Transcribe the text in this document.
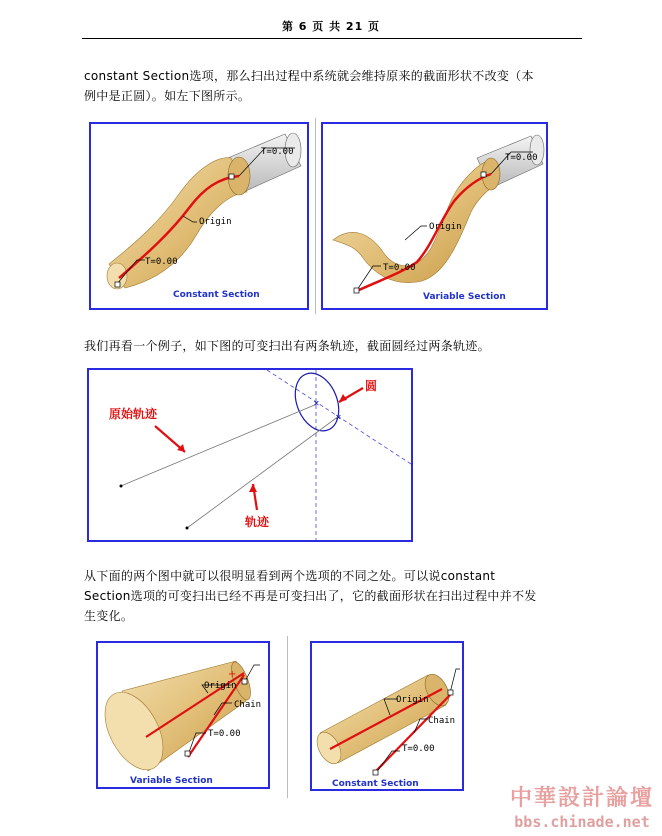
第 6 页 共 21 页
constant Section选项，那么扫出过程中系统就会维持原来的截面形状不改变（本
例中是正圆）。如左下图所示。
T=0.00
Origin
T=0.00
Constant Section
T=0.00
Origin
T=0.00
Variable Section
我们再看一个例子，如下图的可变扫出有两条轨迹，截面圆经过两条轨迹。
✕
✕
原始轨迹
圆
轨迹
从下面的两个图中就可以很明显看到两个选项的不同之处。可以说constant
Section选项的可变扫出已经不再是可变扫出了，它的截面形状在扫出过程中并不发
生变化。
+
Origin
Chain
T=0.00
Variable Section
Origin
Chain
T=0.00
Constant Section
中華設計論壇
bbs.chinade.net
